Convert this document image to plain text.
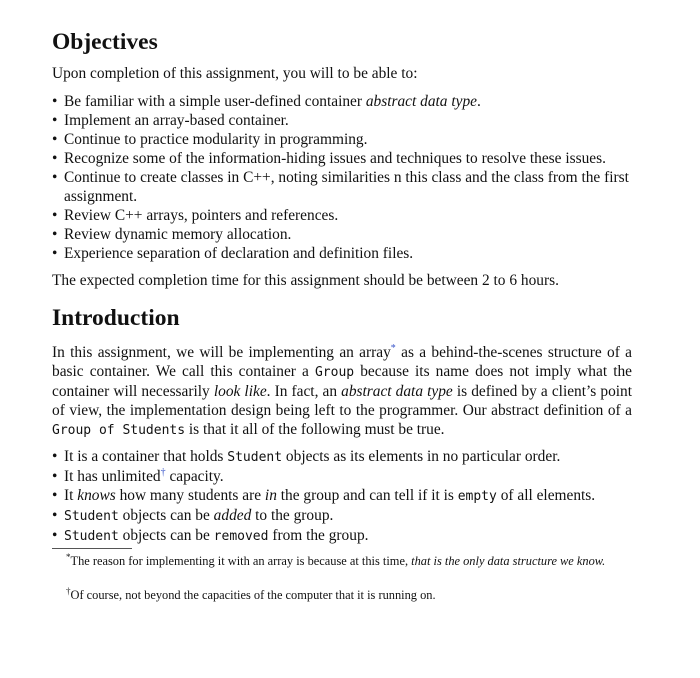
Objectives

Upon completion of this assignment, you will to be able to:

• Be familiar with a simple user-defined container abstract data type.
• Implement an array-based container.
• Continue to practice modularity in programming.
• Recognize some of the information-hiding issues and techniques to resolve these issues.
• Continue to create classes in C++, noting similarities n this class and the class from the first assignment.
• Review C++ arrays, pointers and references.
• Review dynamic memory allocation.
• Experience separation of declaration and definition files.

The expected completion time for this assignment should be between 2 to 6 hours.

Introduction

In this assignment, we will be implementing an array* as a behind-the-scenes structure of a basic container. We call this container a Group because its name does not imply what the container will necessarily look like. In fact, an abstract data type is defined by a client’s point of view, the implementation design being left to the programmer. Our abstract definition of a Group of Students is that it all of the following must be true.

• It is a container that holds Student objects as its elements in no particular order.
• It has unlimited† capacity.
• It knows how many students are in the group and can tell if it is empty of all elements.
• Student objects can be added to the group.
• Student objects can be removed from the group.

*The reason for implementing it with an array is because at this time, that is the only data structure we know.

†Of course, not beyond the capacities of the computer that it is running on.
